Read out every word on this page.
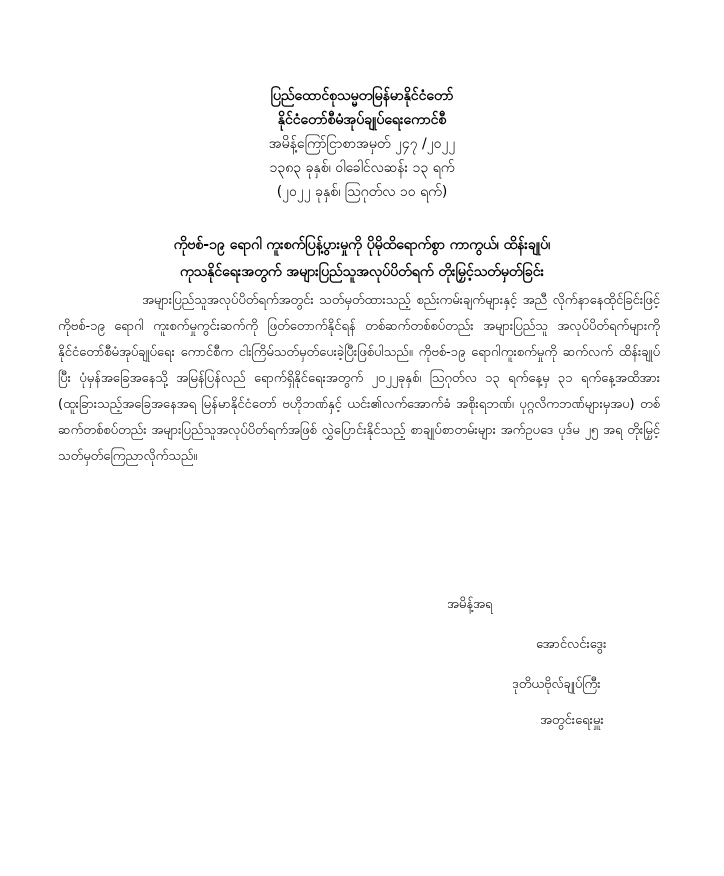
ပြည်ထောင်စုသမ္မတမြန်မာနိုင်ငံတော်
နိုင်ငံတော်စီမံအုပ်ချုပ်ရေးကောင်စီ
အမိန့်ကြော်ငြာစာအမှတ် ၂၄၇ /၂၀၂၂
၁၃၈၃ ခုနှစ်၊ ဝါခေါင်လဆန်း ၁၃ ရက်
(၂၀၂၂ ခုနှစ်၊ ဩဂုတ်လ ၁၀ ရက်)
ကိုဗစ်-၁၉ ရောဂါ ကူးစက်ပြန့်ပွားမှုကို ပိုမိုထိရောက်စွာ ကာကွယ်၊ ထိန်းချုပ်၊
ကုသနိုင်ရေးအတွက် အများပြည်သူအလုပ်ပိတ်ရက် တိုးမြှင့်သတ်မှတ်ခြင်း
အများပြည်သူအလုပ်ပိတ်ရက်အတွင်း သတ်မှတ်ထားသည့် စည်းကမ်းချက်များနှင့် အညီ လိုက်နာနေထိုင်ခြင်းဖြင့် ကိုဗစ်-၁၉ ရောဂါ ကူးစက်မှုကွင်းဆက်ကို ဖြတ်တောက်နိုင်ရန် တစ်ဆက်တစ်စပ်တည်း အများပြည်သူ အလုပ်ပိတ်ရက်များကို နိုင်ငံတော်စီမံအုပ်ချုပ်ရေး ကောင်စီက ငါးကြိမ်သတ်မှတ်ပေးခဲ့ပြီးဖြစ်ပါသည်။ ကိုဗစ်-၁၉ ရောဂါကူးစက်မှုကို ဆက်လက် ထိန်းချုပ်ပြီး ပုံမှန်အခြေအနေသို့ အမြန်ပြန်လည် ရောက်ရှိနိုင်ရေးအတွက် ၂၀၂၂ခုနှစ်၊ ဩဂုတ်လ ၁၃ ရက်နေ့မှ ၃၁ ရက်နေ့အထိအား (ထူးခြားသည့်အခြေအနေအရ မြန်မာနိုင်ငံတော် ဗဟိုဘဏ်နှင့် ယင်း၏လက်အောက်ခံ အစိုးရဘဏ်၊ ပုဂ္ဂလိကဘဏ်များမှအပ) တစ်ဆက်တစ်စပ်တည်း အများပြည်သူအလုပ်ပိတ်ရက်အဖြစ် လွှဲပြောင်းနိုင်သည့် စာချုပ်စာတမ်းများ အက်ဥပဒေ ပုဒ်မ ၂၅ အရ တိုးမြှင့်သတ်မှတ်ကြေညာလိုက်သည်။
အမိန့်အရ
အောင်လင်းဒွေး
ဒုတိယဗိုလ်ချုပ်ကြီး
အတွင်းရေးမှူး
